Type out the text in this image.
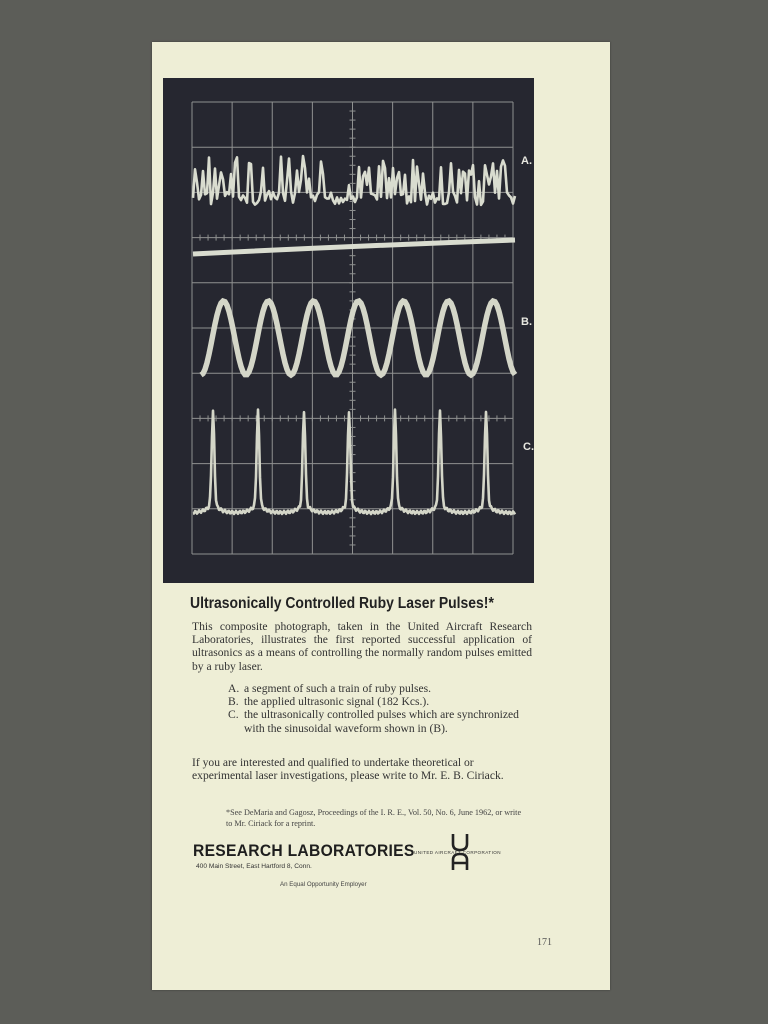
A.
B.
C.
Ultrasonically Controlled Ruby Laser Pulses!*

This composite photograph, taken in the United Aircraft Research Laboratories, illustrates the first reported successful application of ultrasonics as a means of controlling the normally random pulses emitted by a ruby laser.

A. a segment of such a train of ruby pulses.
B. the applied ultrasonic signal (182 Kcs.).
C. the ultrasonically controlled pulses which are synchronized with the sinusoidal waveform shown in (B).

If you are interested and qualified to undertake theoretical or experimental laser investigations, please write to Mr. E. B. Ciriack.

*See DeMaria and Gagosz, Proceedings of the I. R. E., Vol. 50, No. 6, June 1962, or write to Mr. Ciriack for a reprint.

RESEARCH LABORATORIES UNITED AIRCRAFT CORPORATION
400 Main Street, East Hartford 8, Conn.
An Equal Opportunity Employer
171
